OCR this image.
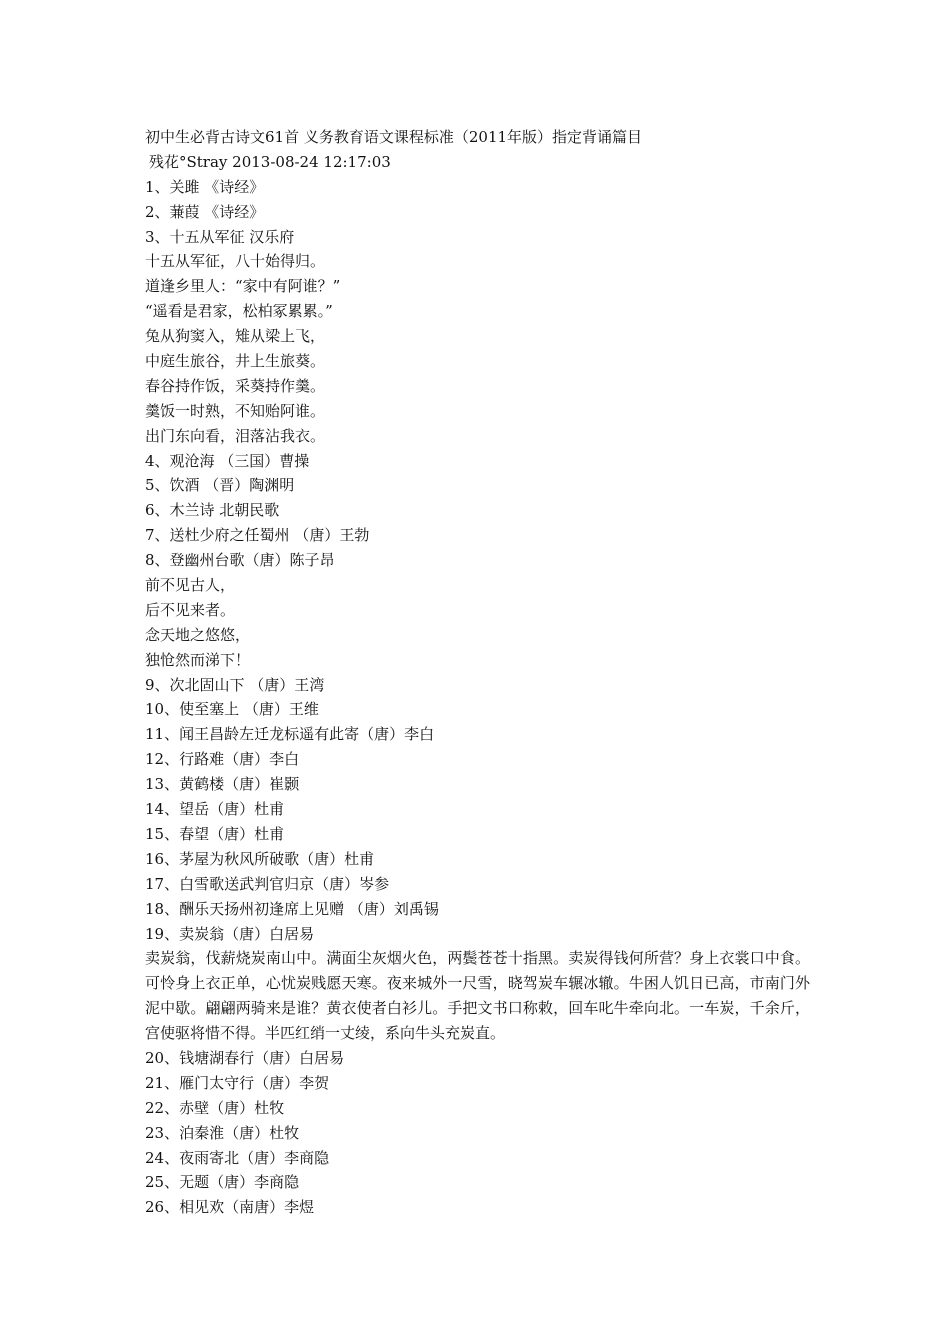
初中生必背古诗文61首 义务教育语文课程标准（2011年版）指定背诵篇目
残花°Stray 2013-08-24 12:17:03
1、关雎 《诗经》
2、蒹葭 《诗经》
3、十五从军征 汉乐府
十五从军征，八十始得归。
道逢乡里人：“家中有阿谁？”
“遥看是君家，松柏冢累累。”
兔从狗窦入，雉从梁上飞，
中庭生旅谷，井上生旅葵。
春谷持作饭，采葵持作羹。
羹饭一时熟，不知贻阿谁。
出门东向看，泪落沾我衣。
4、观沧海 （三国）曹操
5、饮酒 （晋）陶渊明
6、木兰诗 北朝民歌
7、送杜少府之任蜀州 （唐）王勃
8、登幽州台歌（唐）陈子昂
前不见古人，
后不见来者。
念天地之悠悠，
独怆然而涕下！
9、次北固山下 （唐）王湾
10、使至塞上 （唐）王维
11、闻王昌龄左迁龙标遥有此寄（唐）李白
12、行路难（唐）李白
13、黄鹤楼（唐）崔颢
14、望岳（唐）杜甫
15、春望（唐）杜甫
16、茅屋为秋风所破歌（唐）杜甫
17、白雪歌送武判官归京（唐）岑参
18、酬乐天扬州初逢席上见赠 （唐）刘禹锡
19、卖炭翁（唐）白居易
卖炭翁，伐薪烧炭南山中。满面尘灰烟火色，两鬓苍苍十指黑。卖炭得钱何所营？身上衣裳口中食。可怜身上衣正单，心忧炭贱愿天寒。夜来城外一尺雪，晓驾炭车辗冰辙。牛困人饥日已高，市南门外泥中歇。翩翩两骑来是谁？黄衣使者白衫儿。手把文书口称敕，回车叱牛牵向北。一车炭，千余斤，宫使驱将惜不得。半匹红绡一丈绫，系向牛头充炭直。
20、钱塘湖春行（唐）白居易
21、雁门太守行（唐）李贺
22、赤壁（唐）杜牧
23、泊秦淮（唐）杜牧
24、夜雨寄北（唐）李商隐
25、无题（唐）李商隐
26、相见欢（南唐）李煜
